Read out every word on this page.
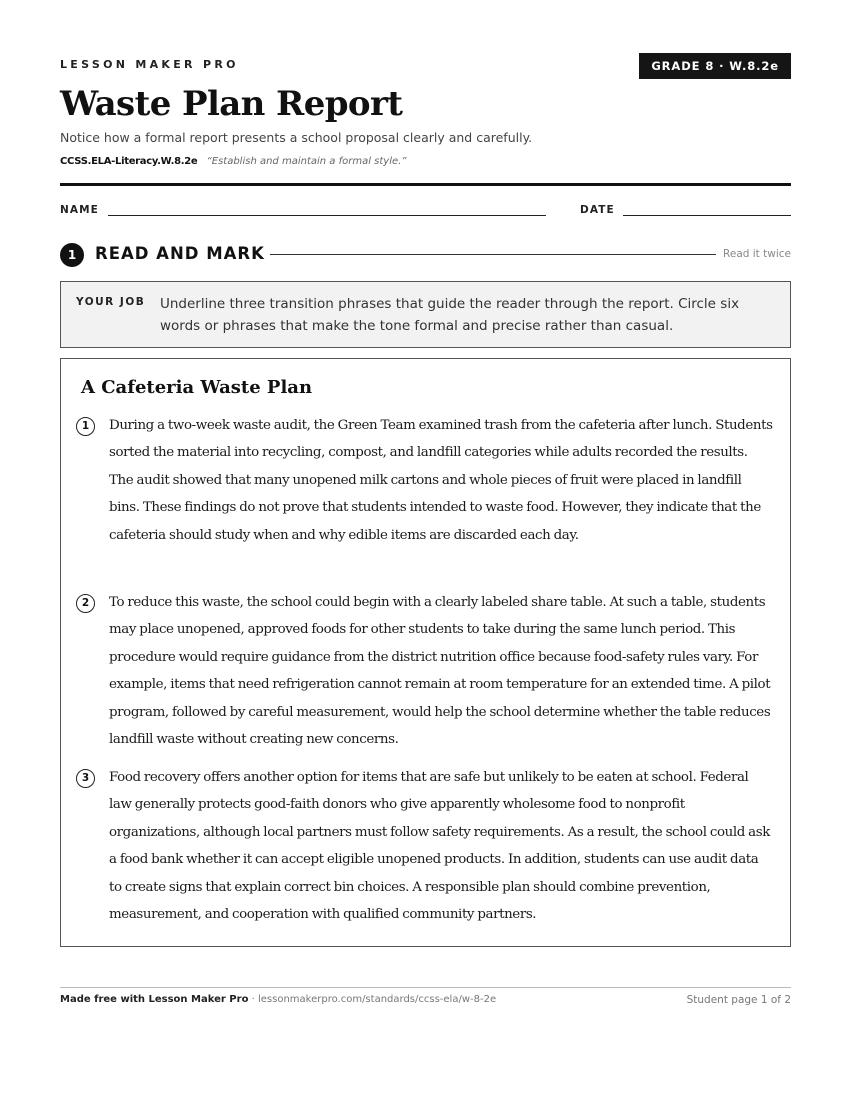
LESSON MAKER PRO	GRADE 8 · W.8.2e
Waste Plan Report

Notice how a formal report presents a school proposal clearly and carefully.

CCSS.ELA-Literacy.W.8.2e “Establish and maintain a formal style.”

NAME	DATE
1	READ AND MARK	Read it twice
YOUR JOB Underline three transition phrases that guide the reader through the report. Circle six words or phrases that make the tone formal and precise rather than casual.

A Cafeteria Waste Plan
1	During a two-week waste audit, the Green Team examined trash from the cafeteria after lunch. Students sorted the material into recycling, compost, and landfill categories while adults recorded the results. The audit showed that many unopened milk cartons and whole pieces of fruit were placed in landfill bins. These findings do not prove that students intended to waste food. However, they indicate that the cafeteria should study when and why edible items are discarded each day.

2	To reduce this waste, the school could begin with a clearly labeled share table. At such a table, students may place unopened, approved foods for other students to take during the same lunch period. This procedure would require guidance from the district nutrition office because food-safety rules vary. For example, items that need refrigeration cannot remain at room temperature for an extended time. A pilot program, followed by careful measurement, would help the school determine whether the table reduces landfill waste without creating new concerns.

3	Food recovery offers another option for items that are safe but unlikely to be eaten at school. Federal law generally protects good-faith donors who give apparently wholesome food to nonprofit organizations, although local partners must follow safety requirements. As a result, the school could ask a food bank whether it can accept eligible unopened products. In addition, students can use audit data to create signs that explain correct bin choices. A responsible plan should combine prevention, measurement, and cooperation with qualified community partners.

Made free with Lesson Maker Pro · lessonmakerpro.com/standards/ccss-ela/w-8-2e	Student page 1 of 2
